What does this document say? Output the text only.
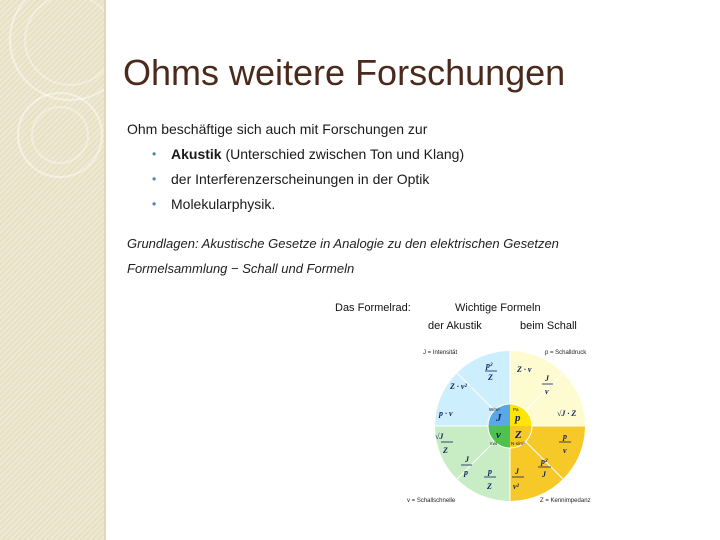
Ohms weitere Forschungen
Ohm beschäftige sich auch mit Forschungen zur
• Akustik (Unterschied zwischen Ton und Klang)
• der Interferenzerscheinungen in der Optik
• Molekularphysik.
Grundlagen: Akustische Gesetze in Analogie zu den elektrischen Gesetzen
Formelsammlung − Schall und Formeln
Das Formelrad:	Wichtige Formeln
der Akustik	beim Schall
J = Intensität	p = Schalldruck
v = Schallschnelle	Z = Kennimpedanz
W/m²	Pa
m/s	N·s/m³
J p
v Z
p²
Z
Z · v²
Z · v
J
v
p · v	√J · Z
√J
Z
p
v
J
p
p²
J
p
Z
J
v²
